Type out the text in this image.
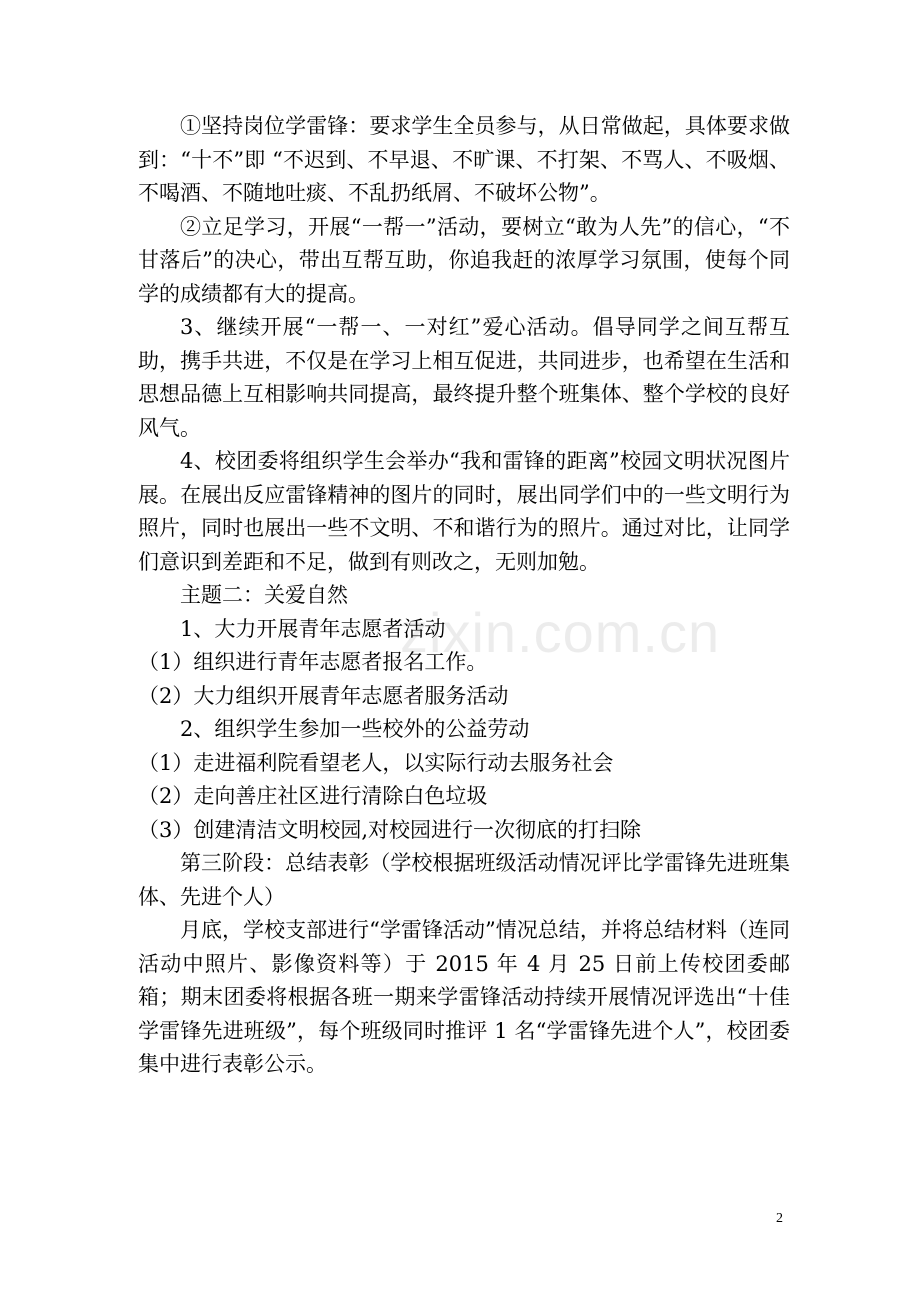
①坚持岗位学雷锋：要求学生全员参与，从日常做起，具体要求做到：“十不”即 “不迟到、不早退、不旷课、不打架、不骂人、不吸烟、不喝酒、不随地吐痰、不乱扔纸屑、不破坏公物”。

②立足学习，开展“一帮一”活动，要树立“敢为人先”的信心，“不甘落后”的决心，带出互帮互助，你追我赶的浓厚学习氛围，使每个同学的成绩都有大的提高。

3、继续开展“一帮一、一对红”爱心活动。倡导同学之间互帮互助，携手共进，不仅是在学习上相互促进，共同进步，也希望在生活和思想品德上互相影响共同提高，最终提升整个班集体、整个学校的良好风气。

4、校团委将组织学生会举办“我和雷锋的距离”校园文明状况图片展。在展出反应雷锋精神的图片的同时，展出同学们中的一些文明行为照片，同时也展出一些不文明、不和谐行为的照片。通过对比，让同学们意识到差距和不足，做到有则改之，无则加勉。

主题二：关爱自然

1、大力开展青年志愿者活动

（1）组织进行青年志愿者报名工作。

（2）大力组织开展青年志愿者服务活动

2、组织学生参加一些校外的公益劳动

（1）走进福利院看望老人，以实际行动去服务社会

（2）走向善庄社区进行清除白色垃圾

（3）创建清洁文明校园,对校园进行一次彻底的打扫除

第三阶段：总结表彰（学校根据班级活动情况评比学雷锋先进班集体、先进个人）

月底，学校支部进行“学雷锋活动”情况总结，并将总结材料（连同活动中照片、影像资料等）于 2015 年 4 月 25 日前上传校团委邮箱；期末团委将根据各班一期来学雷锋活动持续开展情况评选出“十佳学雷锋先进班级”，每个班级同时推评 1 名“学雷锋先进个人”，校团委集中进行表彰公示。

zixin.com.cn
2
